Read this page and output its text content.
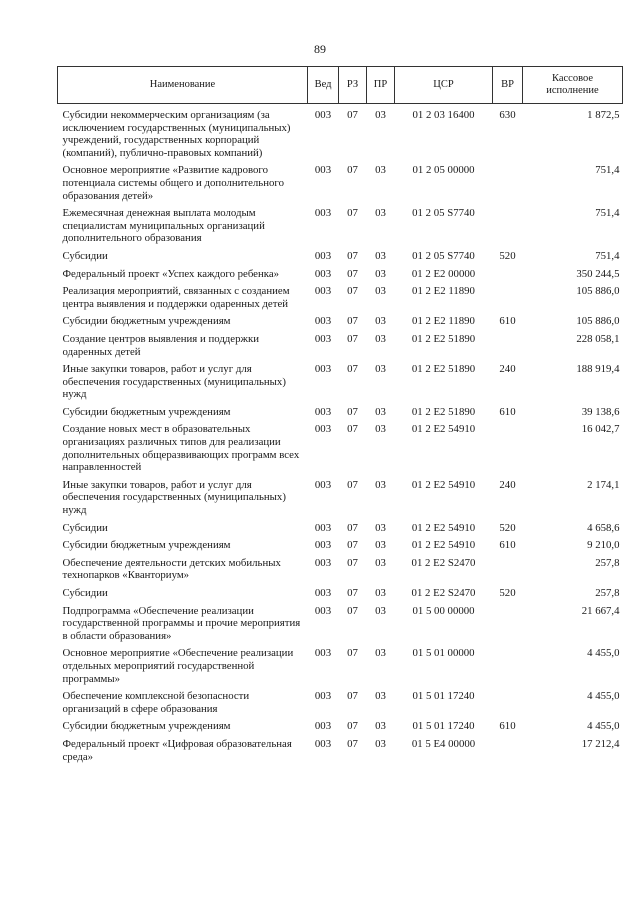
89
Наименование	Вед	РЗ	ПР	ЦСР	ВР	Кассовое исполнение
Субсидии некоммерческим организациям (за исключением государственных (муниципальных) учреждений, государственных корпораций (компаний), публично-правовых компаний)	003	07	03	01 2 03 16400	630	1 872,5
Основное мероприятие «Развитие кадрового потенциала системы общего и дополнительного образования детей»	003	07	03	01 2 05 00000		751,4
Ежемесячная денежная выплата молодым специалистам муниципальных организаций дополнительного образования	003	07	03	01 2 05 S7740		751,4
Субсидии	003	07	03	01 2 05 S7740	520	751,4
Федеральный проект «Успех каждого ребенка»	003	07	03	01 2 E2 00000		350 244,5
Реализация мероприятий, связанных с созданием центра выявления и поддержки одаренных детей	003	07	03	01 2 E2 11890		105 886,0
Субсидии бюджетным учреждениям	003	07	03	01 2 E2 11890	610	105 886,0
Создание центров выявления и поддержки одаренных детей	003	07	03	01 2 E2 51890		228 058,1
Иные закупки товаров, работ и услуг для обеспечения государственных (муниципальных) нужд	003	07	03	01 2 E2 51890	240	188 919,4
Субсидии бюджетным учреждениям	003	07	03	01 2 E2 51890	610	39 138,6
Создание новых мест в образовательных организациях различных типов для реализации дополнительных общеразвивающих программ всех направленностей	003	07	03	01 2 E2 54910		16 042,7
Иные закупки товаров, работ и услуг для обеспечения государственных (муниципальных) нужд	003	07	03	01 2 E2 54910	240	2 174,1
Субсидии	003	07	03	01 2 E2 54910	520	4 658,6
Субсидии бюджетным учреждениям	003	07	03	01 2 E2 54910	610	9 210,0
Обеспечение деятельности детских мобильных технопарков «Кванториум»	003	07	03	01 2 E2 S2470		257,8
Субсидии	003	07	03	01 2 E2 S2470	520	257,8
Подпрограмма «Обеспечение реализации государственной программы и прочие мероприятия в области образования»	003	07	03	01 5 00 00000		21 667,4
Основное мероприятие «Обеспечение реализации отдельных мероприятий государственной программы»	003	07	03	01 5 01 00000		4 455,0
Обеспечение комплексной безопасности организаций в сфере образования	003	07	03	01 5 01 17240		4 455,0
Субсидии бюджетным учреждениям	003	07	03	01 5 01 17240	610	4 455,0
Федеральный проект «Цифровая образовательная среда»	003	07	03	01 5 E4 00000		17 212,4
